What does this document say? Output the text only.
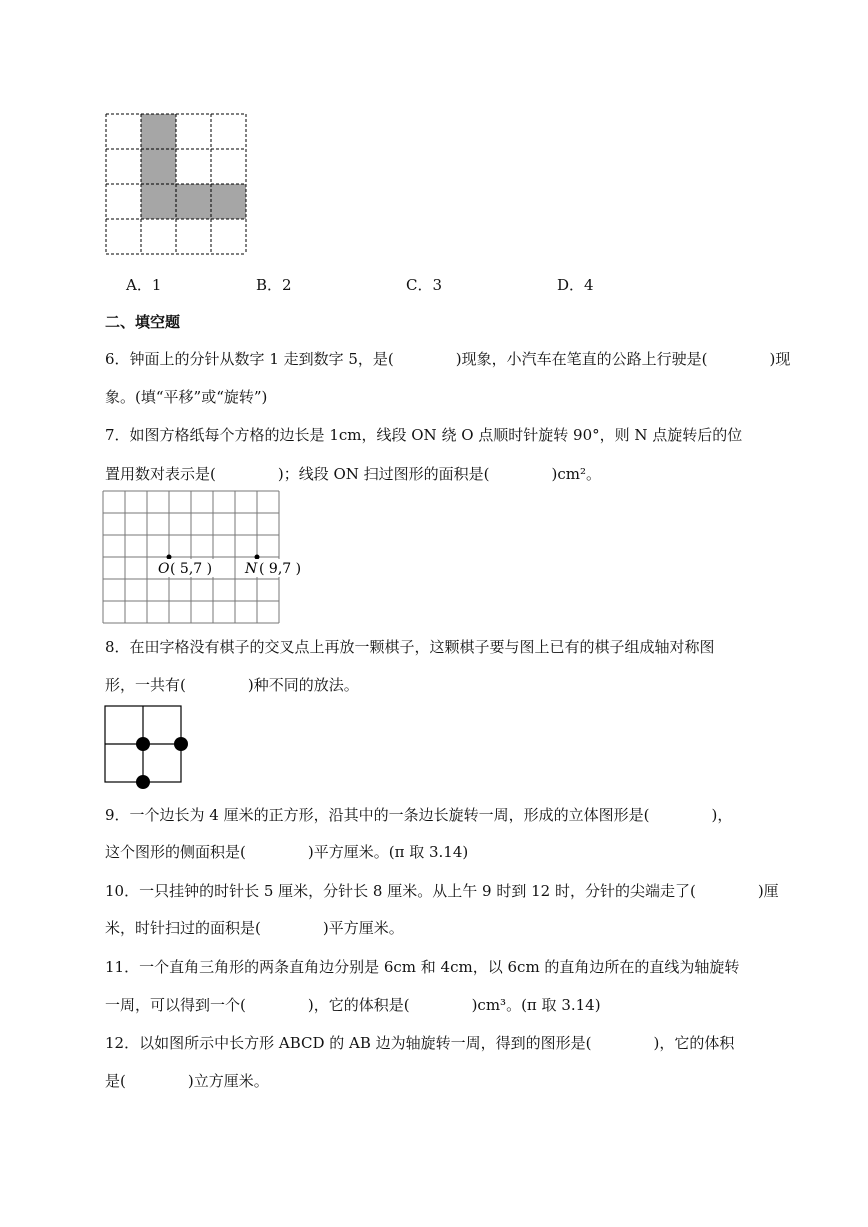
A．1	B．2	C．3	D．4
二、填空题
6．钟面上的分针从数字 1 走到数字 5，是(	)现象，小汽车在笔直的公路上行驶是(	)现
象。(填“平移”或“旋转”)
7．如图方格纸每个方格的边长是 1cm，线段 ON 绕 O 点顺时针旋转 90°，则 N 点旋转后的位
置用数对表示是(	)；线段 ON 扫过图形的面积是(	)cm²。
O ( 5,7 ) N ( 9,7 )
8．在田字格没有棋子的交叉点上再放一颗棋子，这颗棋子要与图上已有的棋子组成轴对称图
形，一共有(	)种不同的放法。
9．一个边长为 4 厘米的正方形，沿其中的一条边长旋转一周，形成的立体图形是(	)，
这个图形的侧面积是(	)平方厘米。(π 取 3.14)
10．一只挂钟的时针长 5 厘米，分针长 8 厘米。从上午 9 时到 12 时，分针的尖端走了(	)厘
米，时针扫过的面积是(	)平方厘米。
11．一个直角三角形的两条直角边分别是 6cm 和 4cm，以 6cm 的直角边所在的直线为轴旋转
一周，可以得到一个(	)，它的体积是(	)cm³。(π 取 3.14)
12．以如图所示中长方形 ABCD 的 AB 边为轴旋转一周，得到的图形是(	)，它的体积
是(	)立方厘米。
